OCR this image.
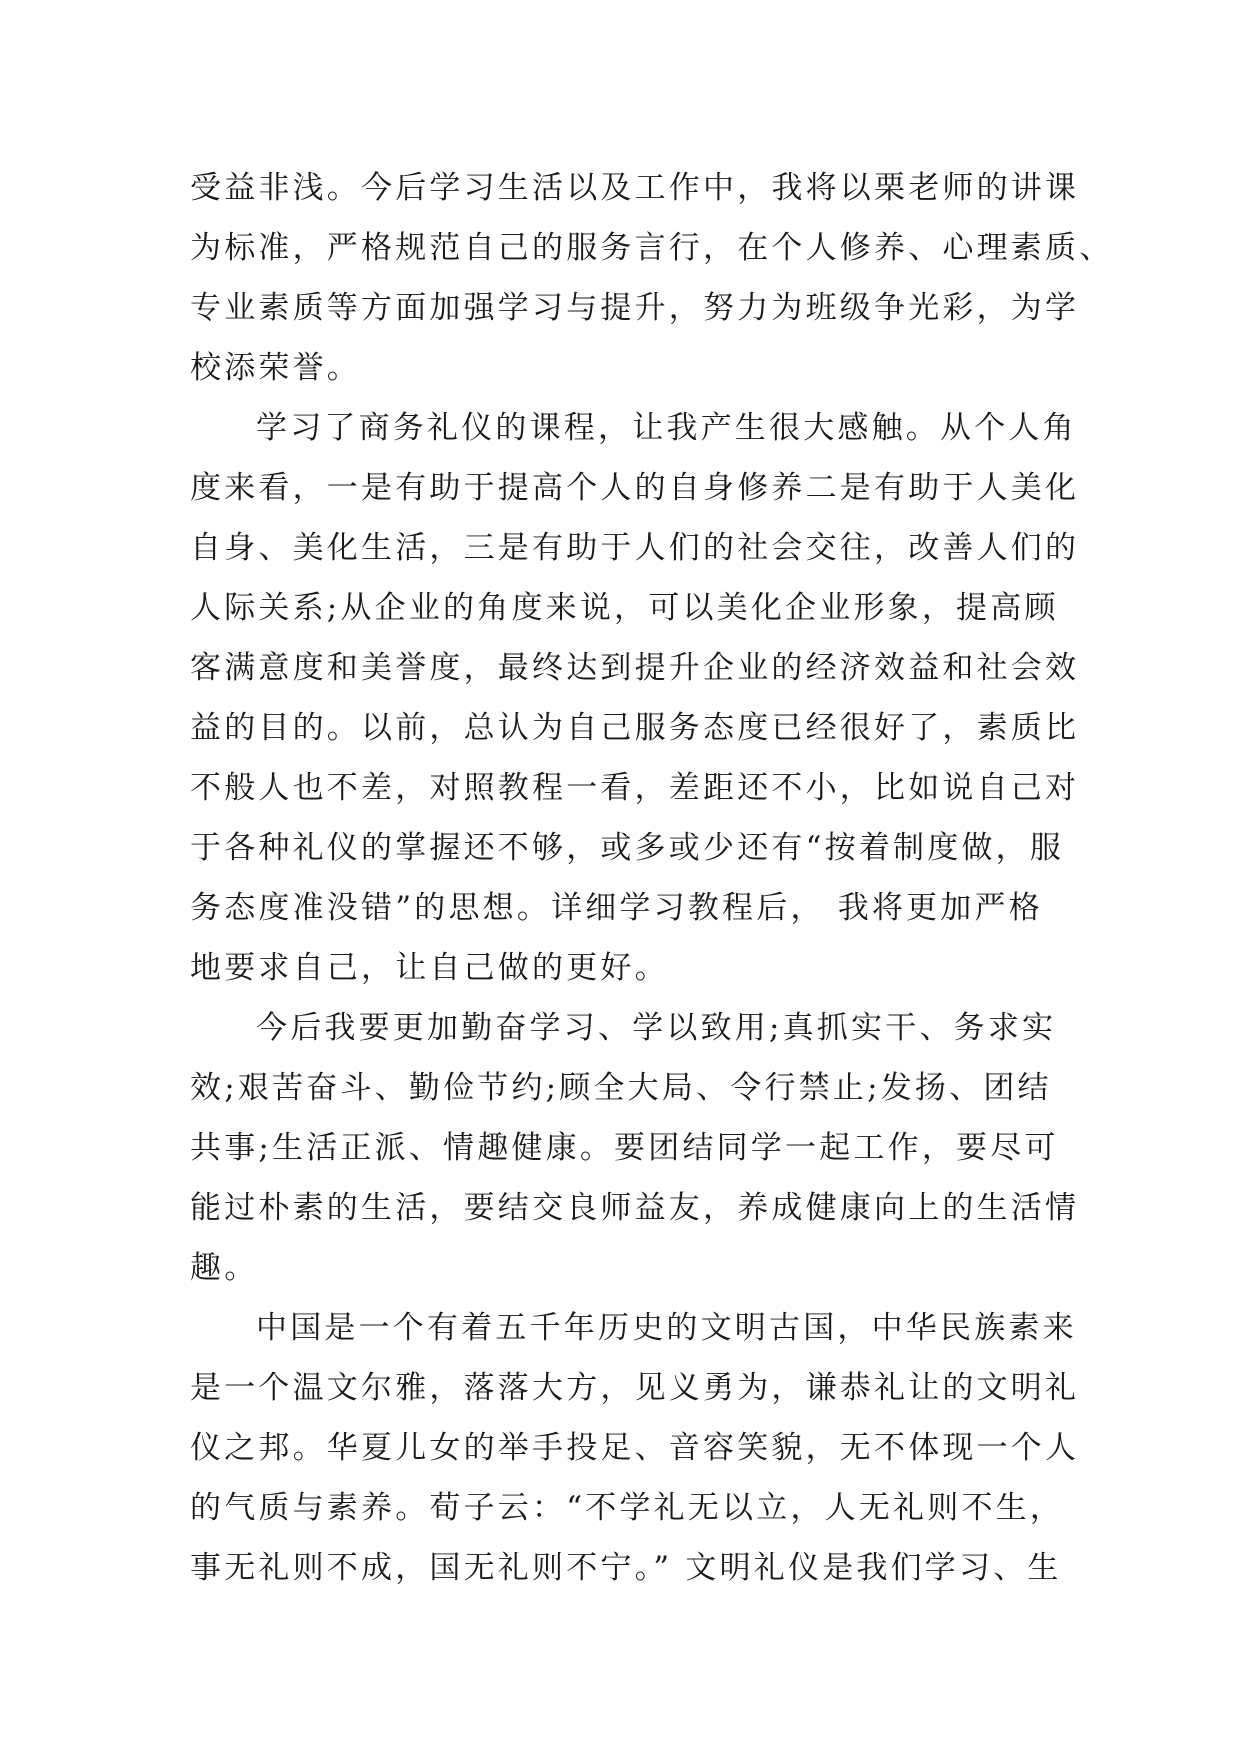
受益非浅。今后学习生活以及工作中，我将以栗老师的讲课
为标准，严格规范自己的服务言行，在个人修养、心理素质、
专业素质等方面加强学习与提升，努力为班级争光彩，为学
校添荣誉。
学习了商务礼仪的课程，让我产生很大感触。从个人角
度来看，一是有助于提高个人的自身修养二是有助于人美化
自身、美化生活，三是有助于人们的社会交往，改善人们的
人际关系;从企业的角度来说，可以美化企业形象，提高顾
客满意度和美誉度，最终达到提升企业的经济效益和社会效
益的目的。以前，总认为自己服务态度已经很好了，素质比
不般人也不差，对照教程一看，差距还不小，比如说自己对
于各种礼仪的掌握还不够，或多或少还有“按着制度做，服
务态度准没错”的思想。详细学习教程后， 我将更加严格
地要求自己，让自己做的更好。
今后我要更加勤奋学习、学以致用;真抓实干、务求实
效;艰苦奋斗、勤俭节约;顾全大局、令行禁止;发扬、团结
共事;生活正派、情趣健康。要团结同学一起工作，要尽可
能过朴素的生活，要结交良师益友，养成健康向上的生活情
趣。
中国是一个有着五千年历史的文明古国，中华民族素来
是一个温文尔雅，落落大方，见义勇为，谦恭礼让的文明礼
仪之邦。华夏儿女的举手投足、音容笑貌，无不体现一个人
的气质与素养。荀子云：“不学礼无以立，人无礼则不生，
事无礼则不成，国无礼则不宁。” 文明礼仪是我们学习、生
